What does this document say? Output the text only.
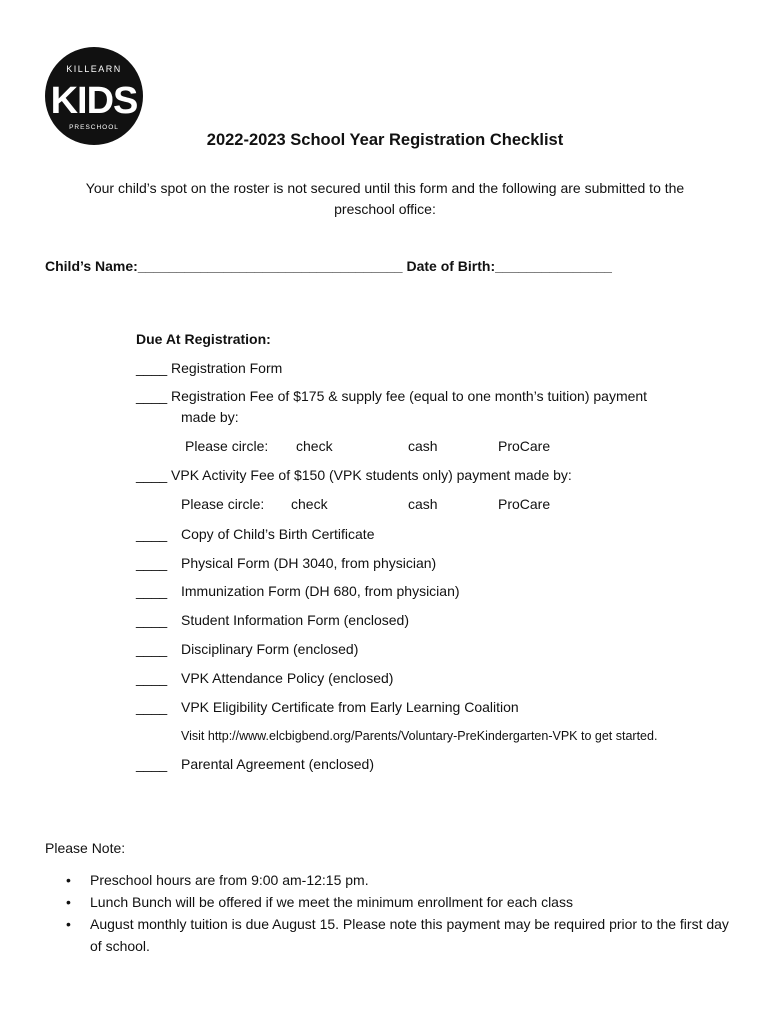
KILLEARN
KIDS
PRESCHOOL
2022-2023 School Year Registration Checklist
Your child’s spot on the roster is not secured until this form and the following are submitted to the
preschool office:
Child’s Name:__________________________________ Date of Birth:_______________
Due At Registration:
____ Registration Form
____ Registration Fee of $175 & supply fee (equal to one month’s tuition) payment
made by:
Please circle: check	cash	ProCare
____ VPK Activity Fee of $150 (VPK students only) payment made by:
Please circle: check	cash	ProCare
____ Copy of Child’s Birth Certificate
____ Physical Form (DH 3040, from physician)
____ Immunization Form (DH 680, from physician)
____ Student Information Form (enclosed)
____ Disciplinary Form (enclosed)
____ VPK Attendance Policy (enclosed)
____ VPK Eligibility Certificate from Early Learning Coalition
Visit http://www.elcbigbend.org/Parents/Voluntary-PreKindergarten-VPK to get started.
____ Parental Agreement (enclosed)
Please Note:
• Preschool hours are from 9:00 am-12:15 pm.
• Lunch Bunch will be offered if we meet the minimum enrollment for each class
• August monthly tuition is due August 15. Please note this payment may be required prior to the first day of school.
